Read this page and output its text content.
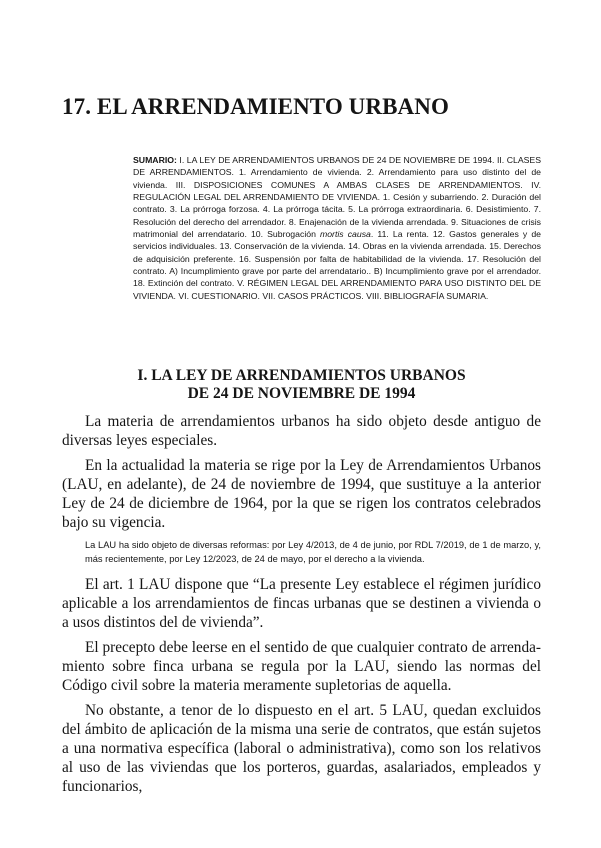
17. EL ARRENDAMIENTO URBANO

SUMARIO: I. LA LEY DE ARRENDAMIENTOS URBANOS DE 24 DE NOVIEMBRE DE 1994. II. CLASES DE ARRENDAMIENTOS. 1. Arrendamiento de vivienda. 2. Arrendamiento para uso distinto del de vivienda. III. DISPOSICIONES COMUNES A AMBAS CLASES DE ARRENDAMIENTOS. IV. REGULACIÓN LEGAL DEL ARRENDAMIENTO DE VIVIENDA. 1. Cesión y subarriendo. 2. Duración del contrato. 3. La prórroga forzosa. 4. La prórroga tácita. 5. La prórroga extraordinaria. 6. Desistimiento. 7. Resolución del derecho del arrendador. 8. Enajenación de la vivienda arrendada. 9. Situaciones de crisis matrimonial del arrendatario. 10. Subrogación mortis causa. 11. La renta. 12. Gastos generales y de servicios individuales. 13. Conservación de la vivienda. 14. Obras en la vivienda arrendada. 15. Derechos de adquisición preferente. 16. Suspensión por falta de habitabilidad de la vivienda. 17. Resolución del contrato. A) Incumplimiento grave por parte del arrendatario.. B) Incumplimiento grave por el arrendador. 18. Extinción del contrato. V. RÉGIMEN LEGAL DEL ARRENDAMIENTO PARA USO DISTINTO DEL DE VIVIENDA. VI. CUESTIONARIO. VII. CASOS PRÁCTICOS. VIII. BIBLIOGRAFÍA SUMARIA.

I. LA LEY DE ARRENDAMIENTOS URBANOS
DE 24 DE NOVIEMBRE DE 1994

La materia de arrendamientos urbanos ha sido objeto desde antiguo de diversas leyes especiales.

En la actualidad la materia se rige por la Ley de Arrendamientos Urbanos (LAU, en adelante), de 24 de noviembre de 1994, que sustituye a la anterior Ley de 24 de diciembre de 1964, por la que se rigen los contratos celebrados bajo su vigencia.

La LAU ha sido objeto de diversas reformas: por Ley 4/2013, de 4 de junio, por RDL 7/2019, de 1 de marzo, y, más recientemente, por Ley 12/2023, de 24 de mayo, por el derecho a la vivienda.

El art. 1 LAU dispone que “La presente Ley establece el régimen jurídico aplicable a los arrendamientos de fincas urbanas que se destinen a vivienda o a usos distintos del de vivienda”.

El precepto debe leerse en el sentido de que cualquier contrato de arrendamiento sobre finca urbana se regula por la LAU, siendo las normas del Código civil sobre la materia meramente supletorias de aquella.

No obstante, a tenor de lo dispuesto en el art. 5 LAU, quedan excluidos del ámbito de aplicación de la misma una serie de contratos, que están sujetos a una normativa específica (laboral o administrativa), como son los relativos al uso de las viviendas que los porteros, guardas, asalariados, empleados y funcionarios,
